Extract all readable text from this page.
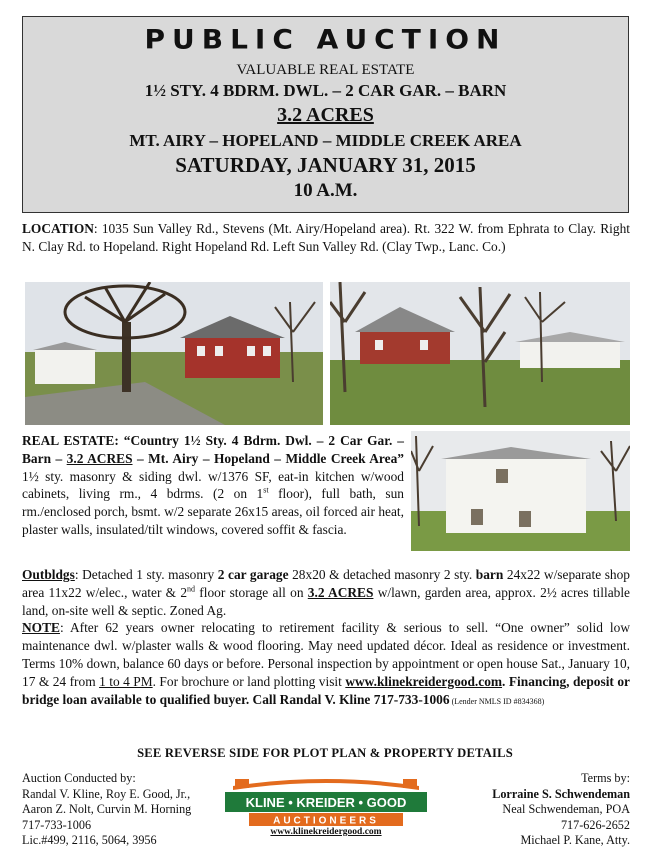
PUBLIC AUCTION
VALUABLE REAL ESTATE
1½ STY. 4 BDRM. DWL. – 2 CAR GAR. – BARN
3.2 ACRES
MT. AIRY – HOPELAND – MIDDLE CREEK AREA
SATURDAY, JANUARY 31, 2015
10 A.M.
LOCATION: 1035 Sun Valley Rd., Stevens (Mt. Airy/Hopeland area). Rt. 322 W. from Ephrata to Clay. Right N. Clay Rd. to Hopeland. Right Hopeland Rd. Left Sun Valley Rd. (Clay Twp., Lanc. Co.)
REAL ESTATE: “Country 1½ Sty. 4 Bdrm. Dwl. – 2 Car Gar. – Barn – 3.2 ACRES – Mt. Airy – Hopeland – Middle Creek Area” 1½ sty. masonry & siding dwl. w/1376 SF, eat-in kitchen w/wood cabinets, living rm., 4 bdrms. (2 on 1st floor), full bath, sun rm./enclosed porch, bsmt. w/2 separate 26x15 areas, oil forced air heat, plaster walls, insulated/tilt windows, covered soffit & fascia.
Outbldgs: Detached 1 sty. masonry 2 car garage 28x20 & detached masonry 2 sty. barn 24x22 w/separate shop area 11x22 w/elec., water & 2nd floor storage all on 3.2 ACRES w/lawn, garden area, approx. 2½ acres tillable land, on-site well & septic. Zoned Ag.
NOTE: After 62 years owner relocating to retirement facility & serious to sell. “One owner” solid low maintenance dwl. w/plaster walls & wood flooring. May need updated décor. Ideal as residence or investment. Terms 10% down, balance 60 days or before. Personal inspection by appointment or open house Sat., January 10, 17 & 24 from 1 to 4 PM. For brochure or land plotting visit www.klinekreidergood.com. Financing, deposit or bridge loan available to qualified buyer. Call Randal V. Kline 717-733-1006 (Lender NMLS ID #834368)
SEE REVERSE SIDE FOR PLOT PLAN & PROPERTY DETAILS
Auction Conducted by:
Randal V. Kline, Roy E. Good, Jr.,
Aaron Z. Nolt, Curvin M. Horning
717-733-1006
Lic.#499, 2116, 5064, 3956
KLINE • KREIDER • GOOD
AUCTIONEERS
www.klinekreidergood.com
Terms by:
Lorraine S. Schwendeman
Neal Schwendeman, POA
717-626-2652
Michael P. Kane, Atty.
